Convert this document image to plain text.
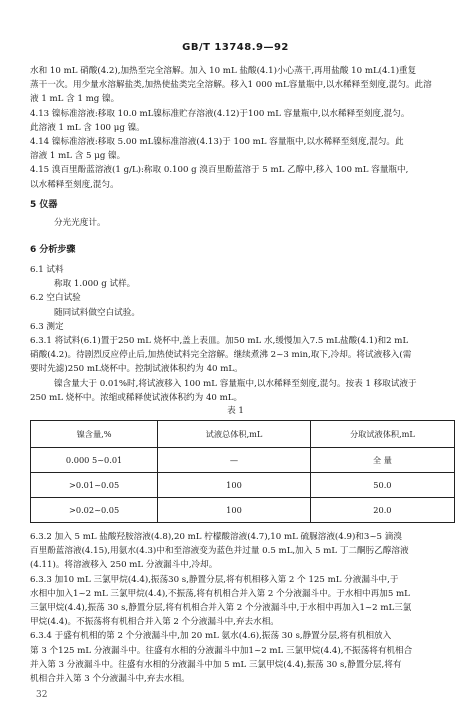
GB/T 13748.9—92

水和 10 mL 硝酸(4.2),加热至完全溶解。加入 10 mL 盐酸(4.1)小心蒸干,再用盐酸 10 mL(4.1)重复

蒸干一次。用少量水溶解盐类,加热使盐类完全溶解。移入1 000 mL容量瓶中,以水稀释至刻度,混匀。此溶

液 1 mL 含 1 mg 镍。

4.13 镍标准溶液:移取 10.0 mL镍标准贮存溶液(4.12)于100 mL 容量瓶中,以水稀释至刻度,混匀。

此溶液 1 mL 含 100 μg 镍。

4.14 镍标准溶液:移取 5.00 mL镍标准溶液(4.13)于 100 mL 容量瓶中,以水稀释至刻度,混匀。此

溶液 1 mL 含 5 μg 镍。

4.15 溴百里酚蓝溶液(1 g/L):称取 0.100 g 溴百里酚蓝溶于 5 mL 乙醇中,移入 100 mL 容量瓶中,

以水稀释至刻度,混匀。

5 仪器

分光光度计。

6 分析步骤

6.1 试料

称取 1.000 g 试样。

6.2 空白试验

随同试料做空白试验。

6.3 测定

6.3.1 将试料(6.1)置于250 mL 烧杯中,盖上表皿。加50 mL 水,缓慢加入7.5 mL盐酸(4.1)和2 mL

硝酸(4.2)。待剧烈反应停止后,加热使试料完全溶解。继续煮沸 2~3 min,取下,冷却。将试液移入(需

要时先滤)250 mL烧杯中。控制试液体积约为 40 mL。

镍含量大于 0.01%时,将试液移入 100 mL 容量瓶中,以水稀释至刻度,混匀。按表 1 移取试液于

250 mL 烧杯中。浓缩或稀释使试液体积约为 40 mL。

表 1
镍含量,%	试液总体积,mL	分取试液体积,mL
0.000 5~0.01	—	全 量
>0.01~0.05	100	50.0
>0.02~0.05	100	20.0

6.3.2 加入 5 mL 盐酸羟胺溶液(4.8),20 mL 柠檬酸溶液(4.7),10 mL 硫脲溶液(4.9)和3~5 滴溴

百里酚蓝溶液(4.15),用氨水(4.3)中和至溶液变为蓝色并过量 0.5 mL,加入 5 mL 丁二酮肟乙醇溶液

(4.11)。将溶液移入 250 mL 分液漏斗中,冷却。

6.3.3 加10 mL 三氯甲烷(4.4),振荡30 s,静置分层,将有机相移入第 2 个 125 mL 分液漏斗中,于

水相中加入1~2 mL 三氯甲烷(4.4),不振荡,将有机相合并入第 2 个分液漏斗中。于水相中再加5 mL

三氯甲烷(4.4),振荡 30 s,静置分层,将有机相合并入第 2 个分液漏斗中,于水相中再加入1~2 mL三氯

甲烷(4.4)。不振荡将有机相合并入第 2 个分液漏斗中,弃去水相。

6.3.4 于盛有机相的第 2 个分液漏斗中,加 20 mL 氨水(4.6),振荡 30 s,静置分层,将有机相放入

第 3 个125 mL 分液漏斗中。往盛有水相的分液漏斗中加1~2 mL 三氯甲烷(4.4),不振荡将有机相合

并入第 3 分液漏斗中。往盛有水相的分液漏斗中加 5 mL 三氯甲烷(4.4),振荡 30 s,静置分层,将有

机相合并入第 3 个分液漏斗中,弃去水相。

32
